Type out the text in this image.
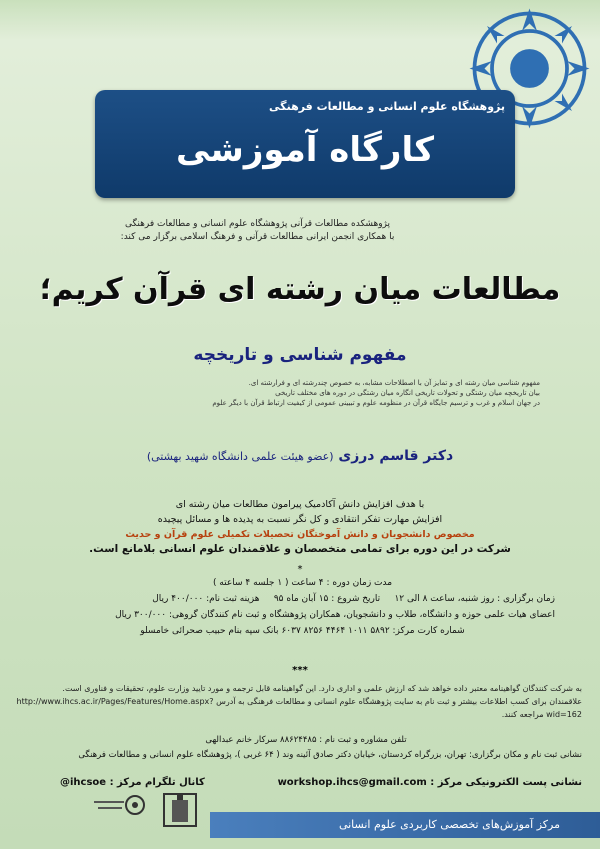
پژوهشگاه علوم انسانی و مطالعات فرهنگی
کارگاه آموزشی
پژوهشکده مطالعات قرآنی پژوهشگاه علوم انسانی و مطالعات فرهنگی
با همکاری انجمن ایرانی مطالعات قرآنی و فرهنگ اسلامی برگزار می کند:
مطالعات میان رشته ای قرآن کریم؛
مفهوم شناسی و تاریخچه
مفهوم شناسی میان رشته ای و تمایز آن با اصطلاحات مشابه، به خصوص چندرشته ای و فرارشته ای.
بیان تاریخچه میان رشتگی و تحولات تاریخی انگاره میان رشتگی در دوره های مختلف تاریخی
در جهان اسلام و غرب و ترسیم جایگاه قرآن در منظومه علوم و تبیینی عمومی از کیفیت ارتباط قرآن با دیگر علوم
دکتر قاسم درزی (عضو هیئت علمی دانشگاه شهید بهشتی)
با هدف افزایش دانش آکادمیک پیرامون مطالعات میان رشته ای
افزایش مهارت تفکر انتقادی و کل نگر نسبت به پدیده ها و مسائل پیچیده
مخصوص دانشجویان و دانش آموختگان تحصیلات تکمیلی علوم قرآن و حدیث
شرکت در این دوره برای تمامی متخصصان و علاقمندان علوم انسانی بلامانع است.
*
مدت زمان دوره : ۴ ساعت ( ۱ جلسه ۴ ساعته )
زمان برگزاری : روز شنبه، ساعت ۸ الی ۱۲     تاریخ شروع : ۱۵ آبان ماه ۹۵     هزینه ثبت نام: ۴۰۰/۰۰۰ ریال
اعضای هیات علمی حوزه و دانشگاه، طلاب و دانشجویان، همکاران پژوهشگاه و ثبت نام کنندگان گروهی: ۳۰۰/۰۰۰ ریال
شماره کارت مرکز: ۵۸۹۲ ۱۰۱۱ ۴۴۶۴ ۸۲۵۶ ۶۰۳۷ بانک سپه بنام حبیب صحرائی خامسلو
***
به شرکت کنندگان گواهینامه معتبر داده خواهد شد که ارزش علمی و اداری دارد. این گواهینامه قابل ترجمه و مورد تایید وزارت علوم، تحقیقات و فناوری است.
علاقمندان برای کسب اطلاعات بیشتر و ثبت نام به سایت پژوهشگاه علوم انسانی و مطالعات فرهنگی به آدرس http://www.ihcs.ac.ir/Pages/Features/Home.aspx?wid=162 مراجعه کنند.
تلفن مشاوره و ثبت نام : ۸۸۶۲۴۴۸۵ سرکار خانم عبدالهی
نشانی ثبت نام و مکان برگزاری: تهران، بزرگراه کردستان، خیابان دکتر صادق آئینه وند ( ۶۴ غربی )، پژوهشگاه علوم انسانی و مطالعات فرهنگی
نشانی پست الکترونیکی مرکز : workshop.ihcs@gmail.com
کانال تلگرام مرکز : @ihcsoe
مرکز آموزش‌های تخصصی کاربردی علوم انسانی
